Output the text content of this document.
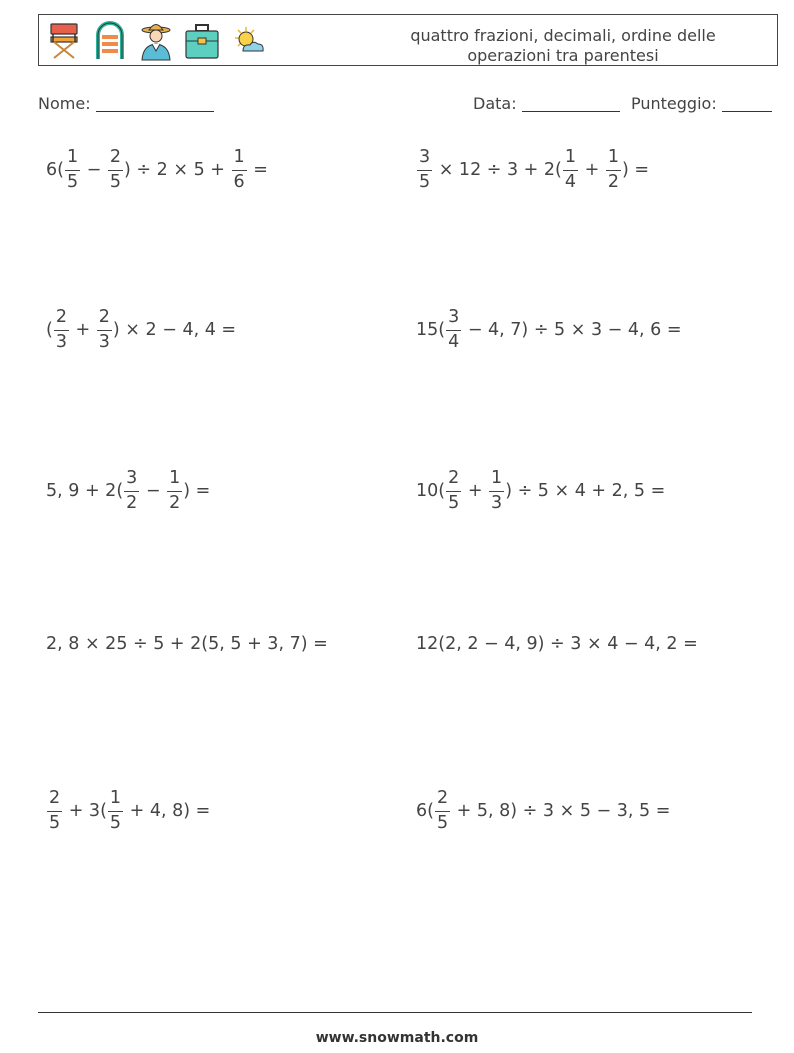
quattro frazioni, decimali, ordine delle
operazioni tra parentesi
Nome:	Data:	Punteggio:
$6( \frac{1}{5} - \frac{2}{5}$ ) ÷ $2 \times 5 + \frac{1}{6}$ =	$\frac{3}{5} \times 12 \div 3 + 2( \frac{1}{4} + \frac{1}{2}$ ) =
( $\frac{2}{3} + \frac{2}{3}$ ) × 2 − 4, 4 =	$15( \frac{3}{4} - 4$, 7) ÷ 5 × 3 − 4, 6 =
5, $9 + 2( \frac{3}{2} - \frac{1}{2}$ ) =	$10( \frac{2}{5} + \frac{1}{3}$ ) ÷ 5 × 4 + 2, 5 =
2, 8 × 25 ÷ 5 + 2(5, 5 + 3, 7) =	12(2, 2 − 4, 9) ÷ 3 × 4 − 4, 2 =
$\frac{2}{5} + 3( \frac{1}{5} + 4$, 8) =	$6( \frac{2}{5} + 5$, 8) ÷ 3 × 5 − 3, 5 =
www.snowmath.com
